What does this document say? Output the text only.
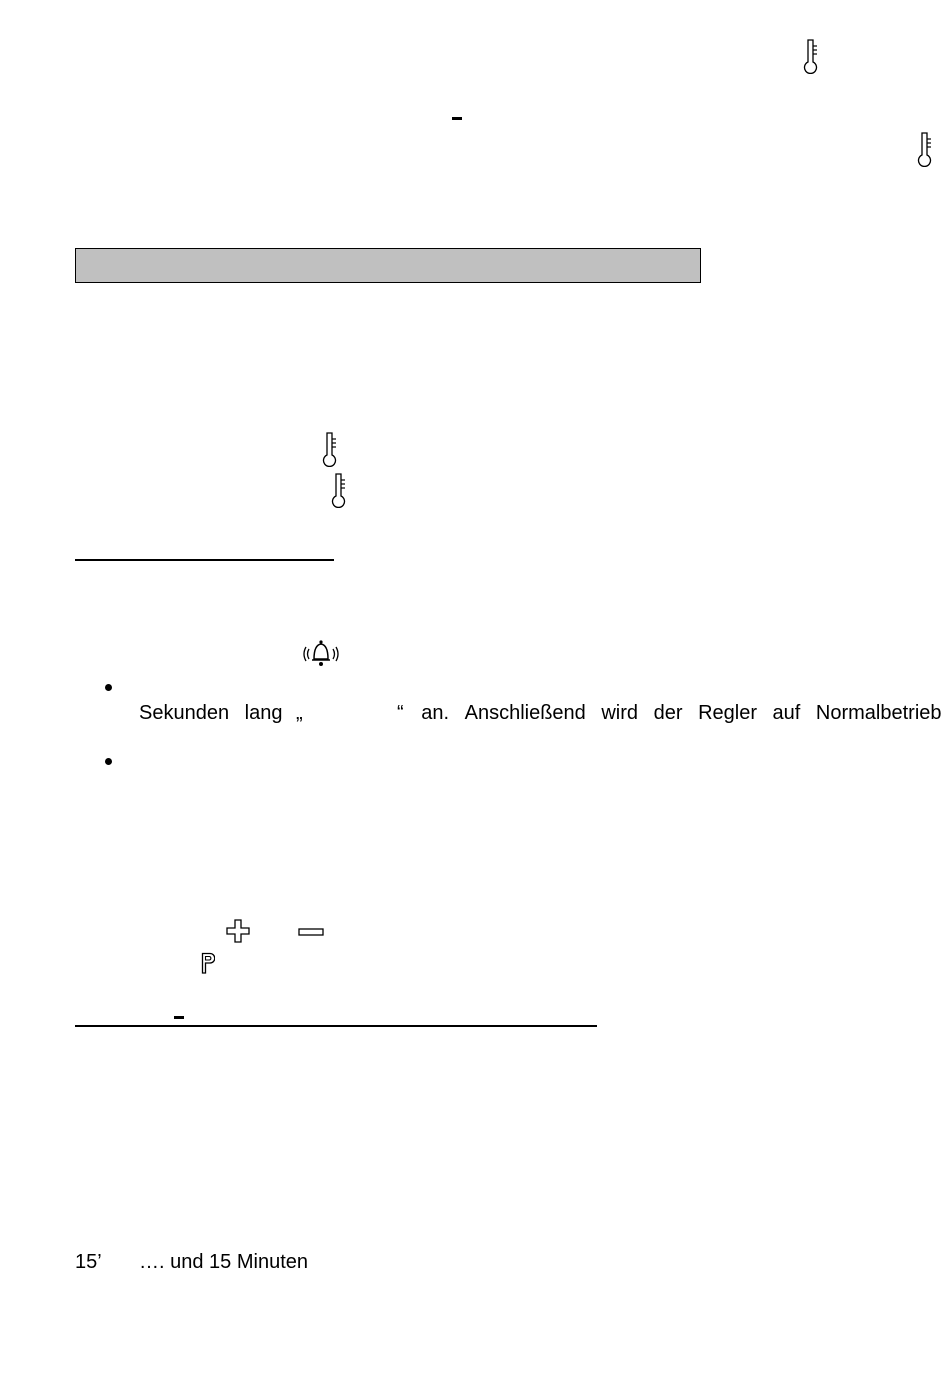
Sekunden lang „	“ an. Anschließend wird der Regler auf Normalbetrieb
15’ …. und 15 Minuten
